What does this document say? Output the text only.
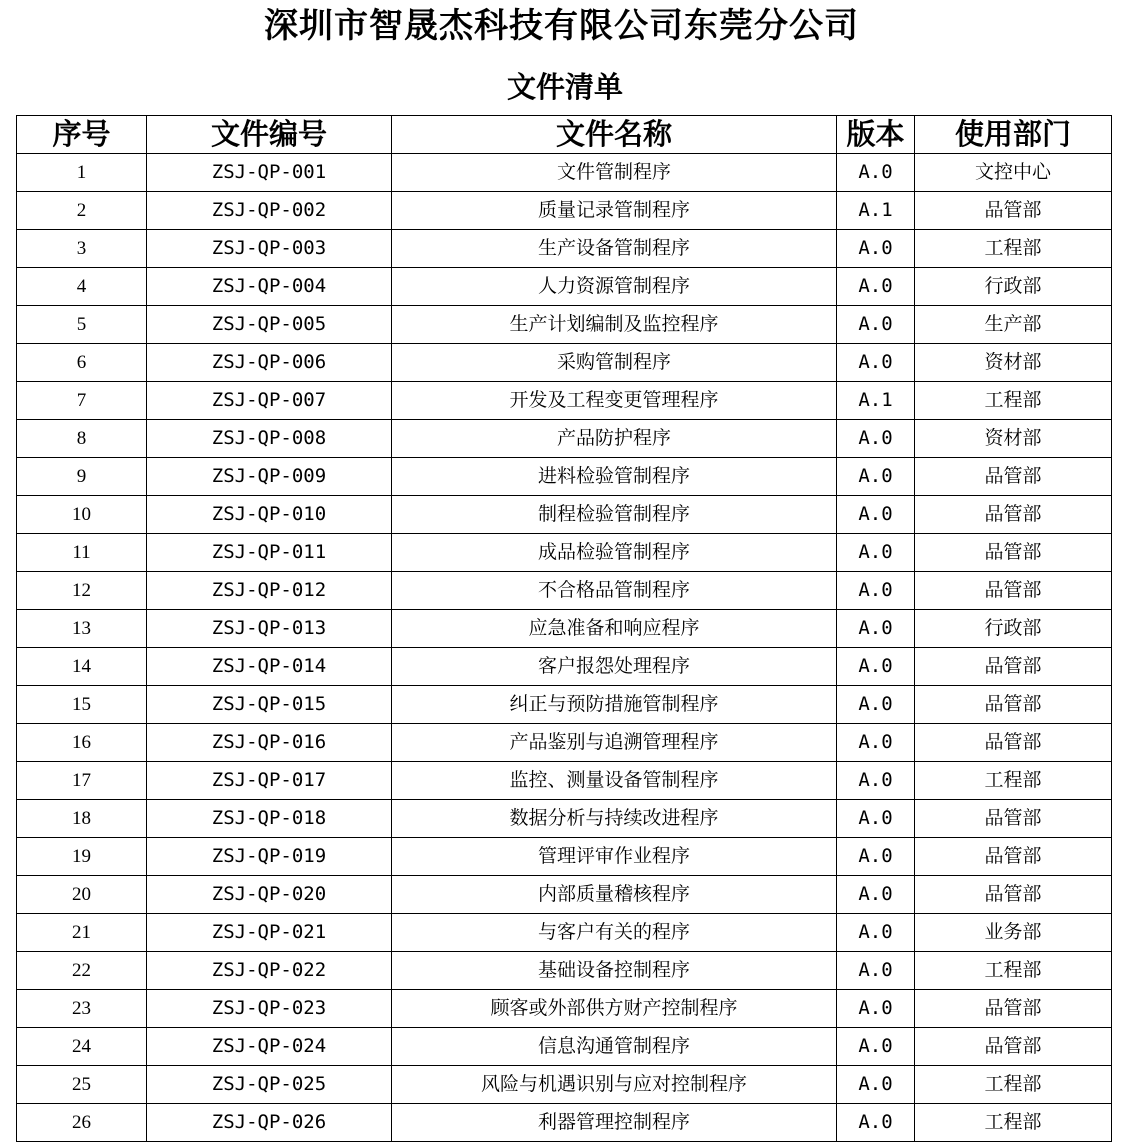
深圳市智晟杰科技有限公司东莞分公司
文件清单
序号	文件编号	文件名称	版本	使用部门
1	ZSJ-QP-001	文件管制程序	A.0	文控中心
2	ZSJ-QP-002	质量记录管制程序	A.1	品管部
3	ZSJ-QP-003	生产设备管制程序	A.0	工程部
4	ZSJ-QP-004	人力资源管制程序	A.0	行政部
5	ZSJ-QP-005	生产计划编制及监控程序	A.0	生产部
6	ZSJ-QP-006	采购管制程序	A.0	资材部
7	ZSJ-QP-007	开发及工程变更管理程序	A.1	工程部
8	ZSJ-QP-008	产品防护程序	A.0	资材部
9	ZSJ-QP-009	进料检验管制程序	A.0	品管部
10	ZSJ-QP-010	制程检验管制程序	A.0	品管部
11	ZSJ-QP-011	成品检验管制程序	A.0	品管部
12	ZSJ-QP-012	不合格品管制程序	A.0	品管部
13	ZSJ-QP-013	应急准备和响应程序	A.0	行政部
14	ZSJ-QP-014	客户报怨处理程序	A.0	品管部
15	ZSJ-QP-015	纠正与预防措施管制程序	A.0	品管部
16	ZSJ-QP-016	产品鉴别与追溯管理程序	A.0	品管部
17	ZSJ-QP-017	监控、测量设备管制程序	A.0	工程部
18	ZSJ-QP-018	数据分析与持续改进程序	A.0	品管部
19	ZSJ-QP-019	管理评审作业程序	A.0	品管部
20	ZSJ-QP-020	内部质量稽核程序	A.0	品管部
21	ZSJ-QP-021	与客户有关的程序	A.0	业务部
22	ZSJ-QP-022	基础设备控制程序	A.0	工程部
23	ZSJ-QP-023	顾客或外部供方财产控制程序	A.0	品管部
24	ZSJ-QP-024	信息沟通管制程序	A.0	品管部
25	ZSJ-QP-025	风险与机遇识别与应对控制程序	A.0	工程部
26	ZSJ-QP-026	利器管理控制程序	A.0	工程部
